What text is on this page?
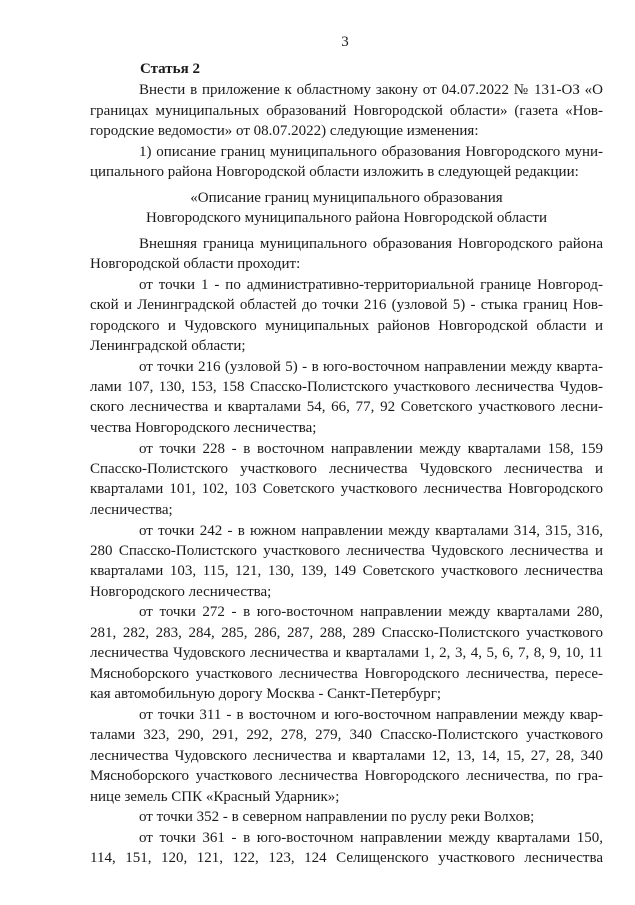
3
Статья 2
Внести в приложение к областному закону от 04.07.2022 № 131-ОЗ «О
границах муниципальных образований Новгородской области» (газета «Нов-
городские ведомости» от 08.07.2022) следующие изменения:
1) описание границ муниципального образования Новгородского муни-
ципального района Новгородской области изложить в следующей редакции:
«Описание границ муниципального образования
Новгородского муниципального района Новгородской области
Внешняя граница муниципального образования Новгородского района
Новгородской области проходит:
от точки 1 - по административно-территориальной границе Новгород-
ской и Ленинградской областей до точки 216 (узловой 5) - стыка границ Нов-
городского и Чудовского муниципальных районов Новгородской области и
Ленинградской области;
от точки 216 (узловой 5) - в юго-восточном направлении между кварта-
лами 107, 130, 153, 158 Спасско-Полистского участкового лесничества Чудов-
ского лесничества и кварталами 54, 66, 77, 92 Советского участкового лесни-
чества Новгородского лесничества;
от точки 228 - в восточном направлении между кварталами 158, 159
Спасско-Полистского участкового лесничества Чудовского лесничества и
кварталами 101, 102, 103 Советского участкового лесничества Новгородского
лесничества;
от точки 242 - в южном направлении между кварталами 314, 315, 316,
280 Спасско-Полистского участкового лесничества Чудовского лесничества и
кварталами 103, 115, 121, 130, 139, 149 Советского участкового лесничества
Новгородского лесничества;
от точки 272 - в юго-восточном направлении между кварталами 280,
281, 282, 283, 284, 285, 286, 287, 288, 289 Спасско-Полистского участкового
лесничества Чудовского лесничества и кварталами 1, 2, 3, 4, 5, 6, 7, 8, 9, 10, 11
Мясноборского участкового лесничества Новгородского лесничества, пересе-
кая автомобильную дорогу Москва - Санкт-Петербург;
от точки 311 - в восточном и юго-восточном направлении между квар-
талами 323, 290, 291, 292, 278, 279, 340 Спасско-Полистского участкового
лесничества Чудовского лесничества и кварталами 12, 13, 14, 15, 27, 28, 340
Мясноборского участкового лесничества Новгородского лесничества, по гра-
нице земель СПК «Красный Ударник»;
от точки 352 - в северном направлении по руслу реки Волхов;
от точки 361 - в юго-восточном направлении между кварталами 150,
114, 151, 120, 121, 122, 123, 124 Селищенского участкового лесничества
